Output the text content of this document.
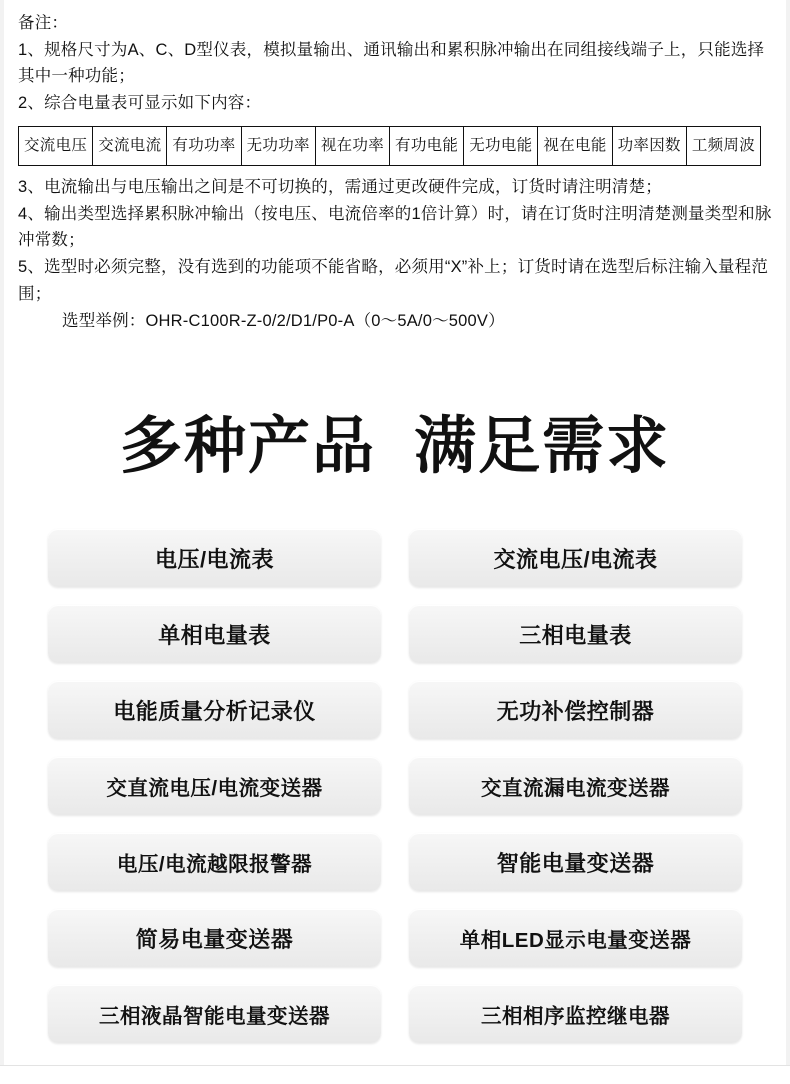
备注：
1、规格尺寸为A、C、D型仪表，模拟量输出、通讯输出和累积脉冲输出在同组接线端子上，只能选择其中一种功能；
2、综合电量表可显示如下内容：
交流电压	交流电流	有功功率	无功功率	视在功率	有功电能	无功电能	视在电能	功率因数	工频周波
3、电流输出与电压输出之间是不可切换的，需通过更改硬件完成，订货时请注明清楚；
4、输出类型选择累积脉冲输出（按电压、电流倍率的1倍计算）时，请在订货时注明清楚测量类型和脉冲常数；
5、选型时必须完整，没有选到的功能项不能省略，必须用“X”补上；订货时请在选型后标注输入量程范围；
选型举例：OHR-C100R-Z-0/2/D1/P0-A（0～5A/0～500V）
多种产品 满足需求
电压/电流表	交流电压/电流表
单相电量表	三相电量表
电能质量分析记录仪	无功补偿控制器
交直流电压/电流变送器	交直流漏电流变送器
电压/电流越限报警器	智能电量变送器
简易电量变送器	单相LED显示电量变送器
三相液晶智能电量变送器	三相相序监控继电器
